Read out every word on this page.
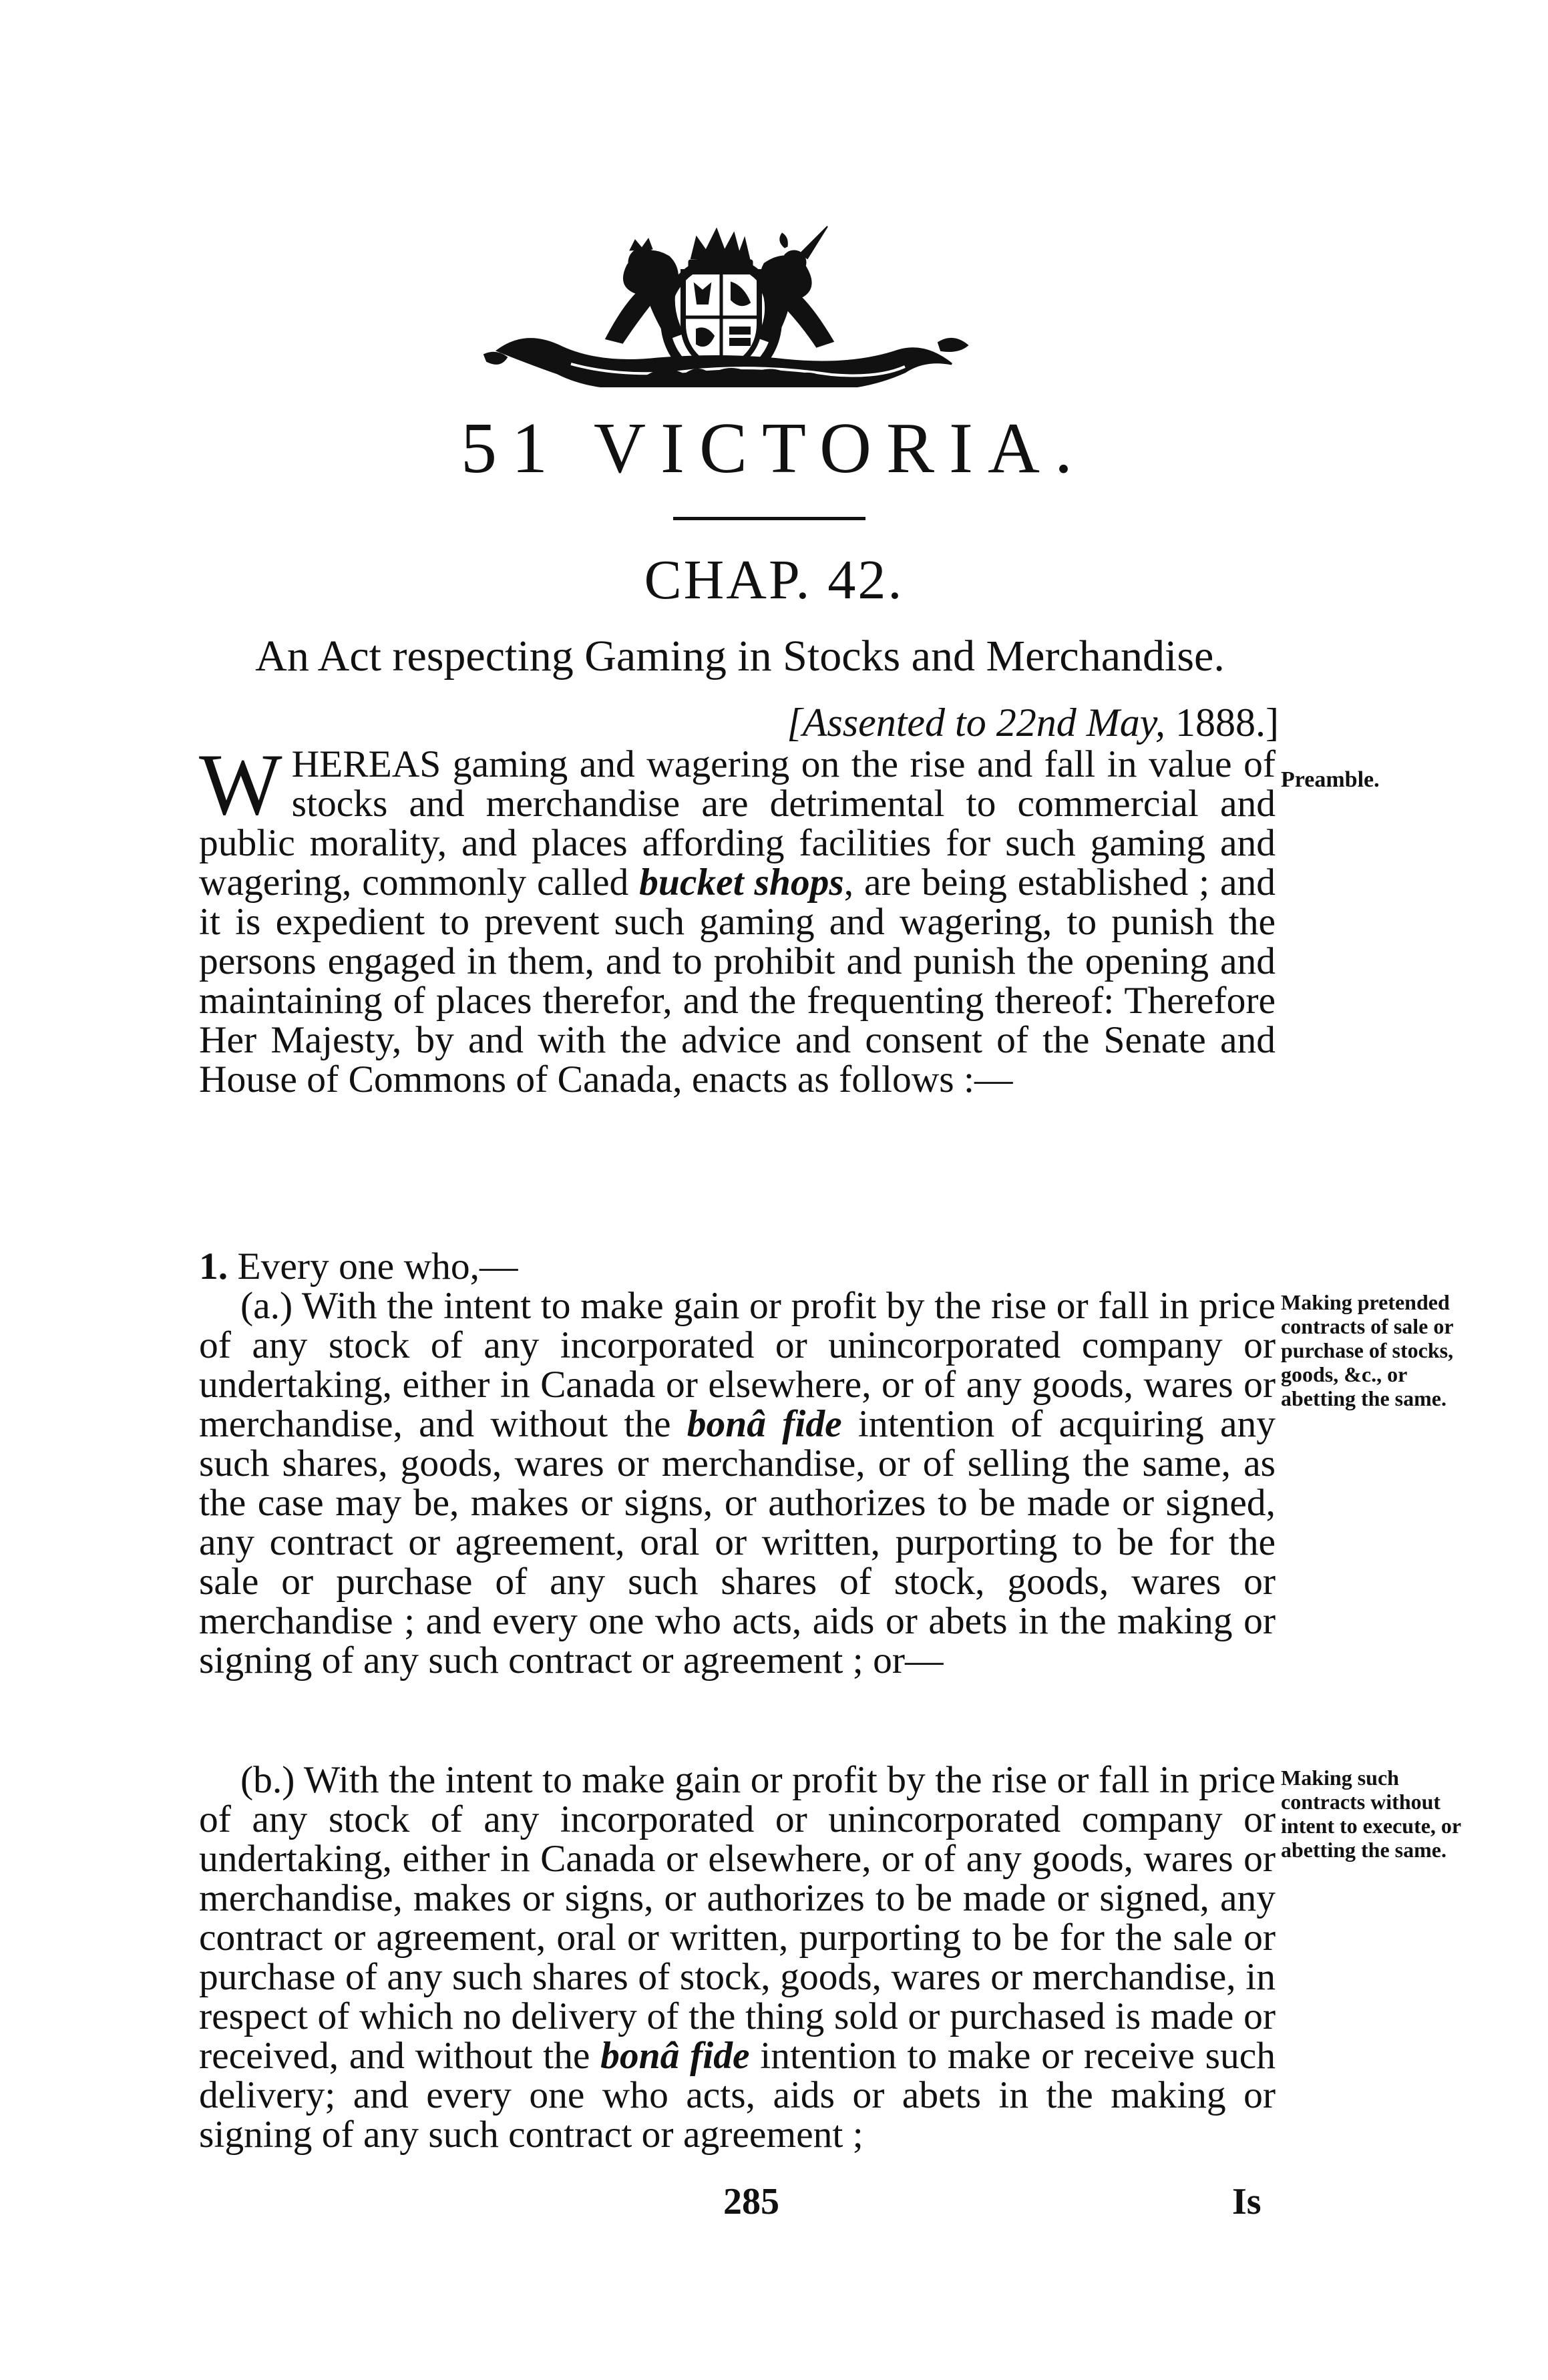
51 VICTORIA.
CHAP. 42.
An Act respecting Gaming in Stocks and Merchandise.
[Assented to 22nd May, 1888.]
WHEREAS gaming and wagering on the rise and fall in value of stocks and merchandise are detrimental to commercial and public morality, and places affording facilities for such gaming and wagering, commonly called bucket shops, are being established ; and it is expedient to prevent such gaming and wagering, to punish the persons engaged in them, and to prohibit and punish the opening and maintaining of places therefor, and the frequenting thereof: Therefore Her Majesty, by and with the advice and consent of the Senate and House of Commons of Canada, enacts as follows :—
Preamble.
1. Every one who,—
(a.) With the intent to make gain or profit by the rise or fall in price of any stock of any incorporated or unincorporated company or undertaking, either in Canada or elsewhere, or of any goods, wares or merchandise, and without the bonâ fide intention of acquiring any such shares, goods, wares or merchandise, or of selling the same, as the case may be, makes or signs, or authorizes to be made or signed, any contract or agreement, oral or written, purporting to be for the sale or purchase of any such shares of stock, goods, wares or merchandise ; and every one who acts, aids or abets in the making or signing of any such contract or agreement ; or—
Making pretended contracts of sale or purchase of stocks, goods, &c., or abetting the same.
(b.) With the intent to make gain or profit by the rise or fall in price of any stock of any incorporated or unincorporated company or undertaking, either in Canada or elsewhere, or of any goods, wares or merchandise, makes or signs, or authorizes to be made or signed, any contract or agreement, oral or written, purporting to be for the sale or purchase of any such shares of stock, goods, wares or merchandise, in respect of which no delivery of the thing sold or purchased is made or received, and without the bonâ fide intention to make or receive such delivery; and every one who acts, aids or abets in the making or signing of any such contract or agreement ;
Making such contracts without intent to execute, or abetting the same.
285	Is
